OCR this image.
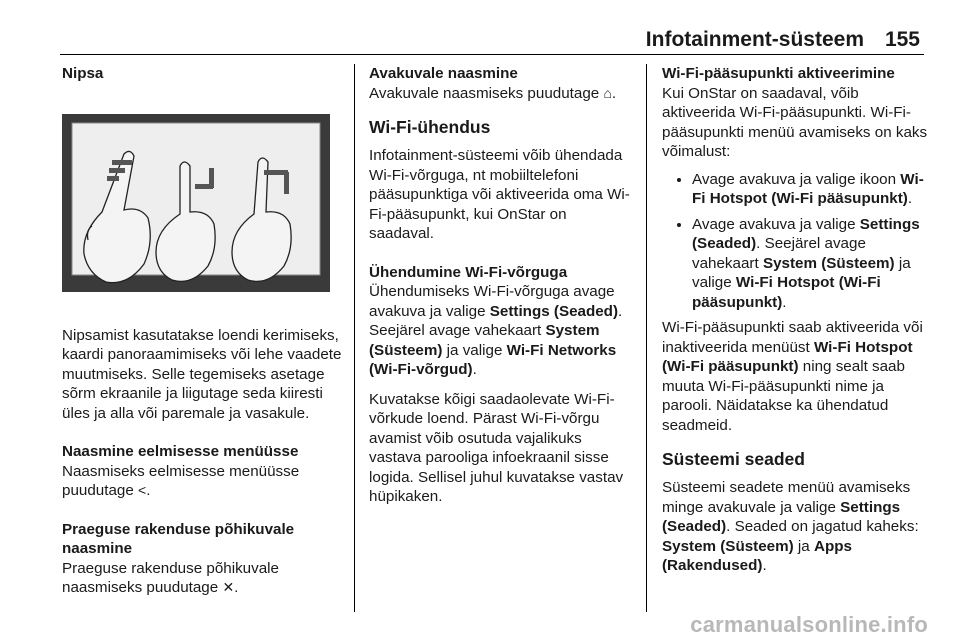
Infotainment-süsteem 155

Nipsa

Nipsamist kasutatakse loendi kerimiseks, kaardi panoraamimiseks või lehe vaadete muutmiseks. Selle tegemiseks asetage sõrm ekraanile ja liigutage seda kiiresti üles ja alla või paremale ja vasakule.

Naasmine eelmisesse menüüsse

Naasmiseks eelmisesse menüüsse puudutage <.

Praeguse rakenduse põhikuvale naasmine

Praeguse rakenduse põhikuvale naasmiseks puudutage ✕.

Avakuvale naasmine

Avakuvale naasmiseks puudutage ⌂.

Wi-Fi-ühendus

Infotainment-süsteemi võib ühendada Wi-Fi-võrguga, nt mobiiltelefoni pääsupunktiga või aktiveerida oma Wi-Fi-pääsupunkt, kui OnStar on saadaval.

Ühendumine Wi-Fi-võrguga

Ühendumiseks Wi-Fi-võrguga avage avakuva ja valige Settings (Seaded). Seejärel avage vahekaart System (Süsteem) ja valige Wi-Fi Networks (Wi-Fi-võrgud).

Kuvatakse kõigi saadaolevate Wi-Fi-võrkude loend. Pärast Wi-Fi-võrgu avamist võib osutuda vajalikuks vastava parooliga infoekraanil sisse logida. Sellisel juhul kuvatakse vastav hüpikaken.

Wi-Fi-pääsupunkti aktiveerimine

Kui OnStar on saadaval, võib aktiveerida Wi-Fi-pääsupunkti. Wi-Fi-pääsupunkti menüü avamiseks on kaks võimalust:

• Avage avakuva ja valige ikoon Wi-Fi Hotspot (Wi-Fi pääsupunkt).
• Avage avakuva ja valige Settings (Seaded). Seejärel avage vahekaart System (Süsteem) ja valige Wi-Fi Hotspot (Wi-Fi pääsupunkt).

Wi-Fi-pääsupunkti saab aktiveerida või inaktiveerida menüüst Wi-Fi Hotspot (Wi-Fi pääsupunkt) ning sealt saab muuta Wi-Fi-pääsupunkti nime ja parooli. Näidatakse ka ühendatud seadmeid.

Süsteemi seaded

Süsteemi seadete menüü avamiseks minge avakuvale ja valige Settings (Seaded). Seaded on jagatud kaheks: System (Süsteem) ja Apps (Rakendused).

carmanualsonline.info
